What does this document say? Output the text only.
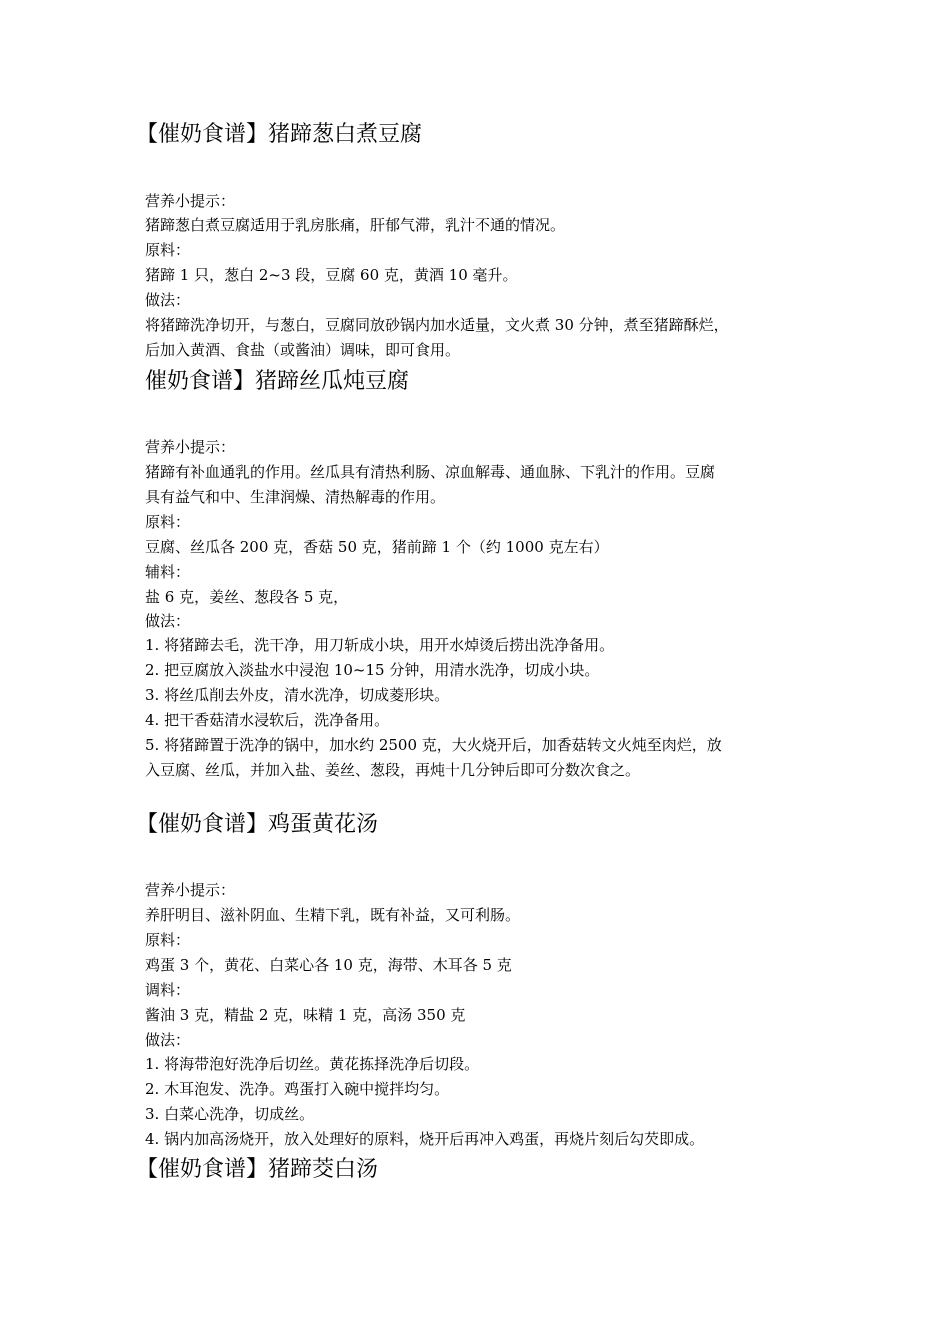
【催奶食谱】猪蹄葱白煮豆腐
营养小提示：
猪蹄葱白煮豆腐适用于乳房胀痛，肝郁气滞，乳汁不通的情况。
原料：
猪蹄 1 只，葱白 2~3 段，豆腐 60 克，黄酒 10 毫升。
做法：
将猪蹄洗净切开，与葱白，豆腐同放砂锅内加水适量，文火煮 30 分钟，煮至猪蹄酥烂，
后加入黄酒、食盐（或酱油）调味，即可食用。
催奶食谱】猪蹄丝瓜炖豆腐
营养小提示：
猪蹄有补血通乳的作用。丝瓜具有清热利肠、凉血解毒、通血脉、下乳汁的作用。豆腐
具有益气和中、生津润燥、清热解毒的作用。
原料：
豆腐、丝瓜各 200 克，香菇 50 克，猪前蹄 1 个（约 1000 克左右）
辅料：
盐 6 克，姜丝、葱段各 5 克，
做法：
1. 将猪蹄去毛，洗干净，用刀斩成小块，用开水焯烫后捞出洗净备用。
2. 把豆腐放入淡盐水中浸泡 10~15 分钟，用清水洗净，切成小块。
3. 将丝瓜削去外皮，清水洗净，切成菱形块。
4. 把干香菇清水浸软后，洗净备用。
5. 将猪蹄置于洗净的锅中，加水约 2500 克，大火烧开后，加香菇转文火炖至肉烂，放
入豆腐、丝瓜，并加入盐、姜丝、葱段，再炖十几分钟后即可分数次食之。
【催奶食谱】鸡蛋黄花汤
营养小提示：
养肝明目、滋补阴血、生精下乳，既有补益，又可利肠。
原料：
鸡蛋 3 个，黄花、白菜心各 10 克，海带、木耳各 5 克
调料：
酱油 3 克，精盐 2 克，味精 1 克，高汤 350 克
做法：
1. 将海带泡好洗净后切丝。黄花拣择洗净后切段。
2. 木耳泡发、洗净。鸡蛋打入碗中搅拌均匀。
3. 白菜心洗净，切成丝。
4. 锅内加高汤烧开，放入处理好的原料，烧开后再冲入鸡蛋，再烧片刻后勾芡即成。
【催奶食谱】猪蹄茭白汤
